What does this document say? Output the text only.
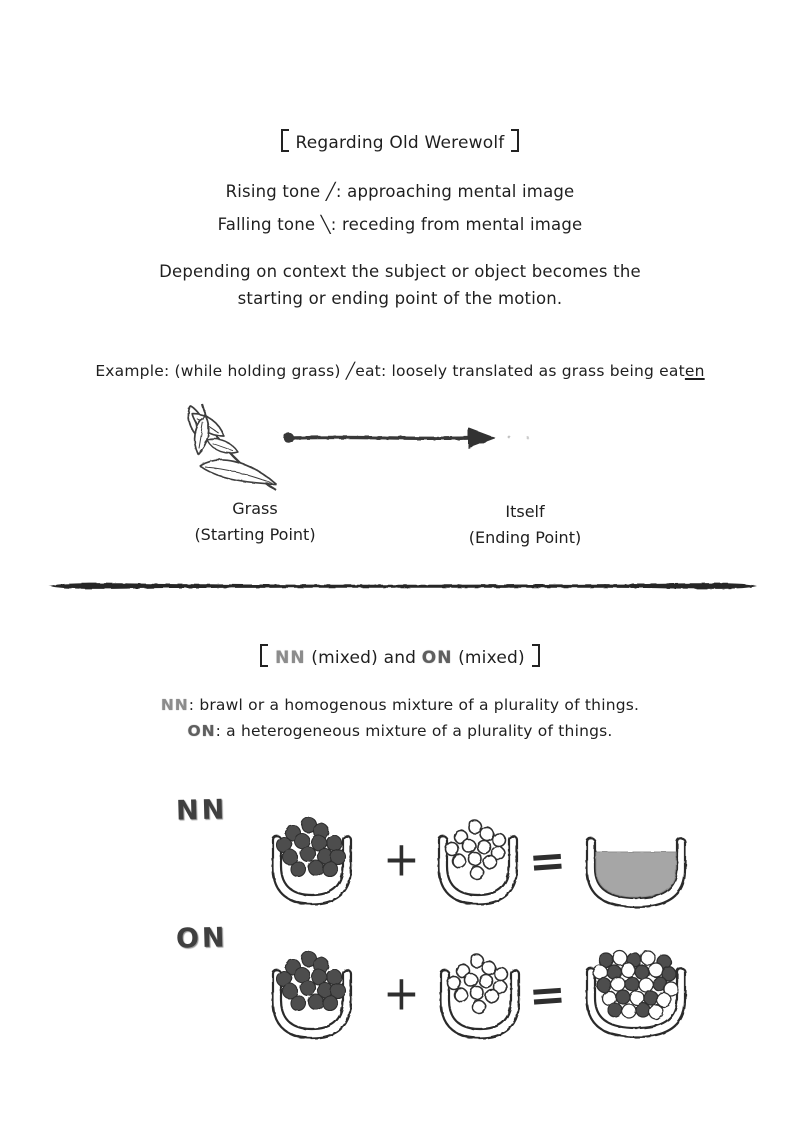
Regarding Old Werewolf
Rising tone ╱: approaching mental image
Falling tone ╲: receding from mental image
Depending on context the subject or object becomes the
starting or ending point of the motion.
Example: (while holding grass) ╱eat: loosely translated as grass being eaten
Grass
(Starting Point)
Itself
(Ending Point)
NN (mixed) and ON (mixed)
NN: brawl or a homogenous mixture of a plurality of things.
ON: a heterogeneous mixture of a plurality of things.
NN
+ =
ON
+ =
